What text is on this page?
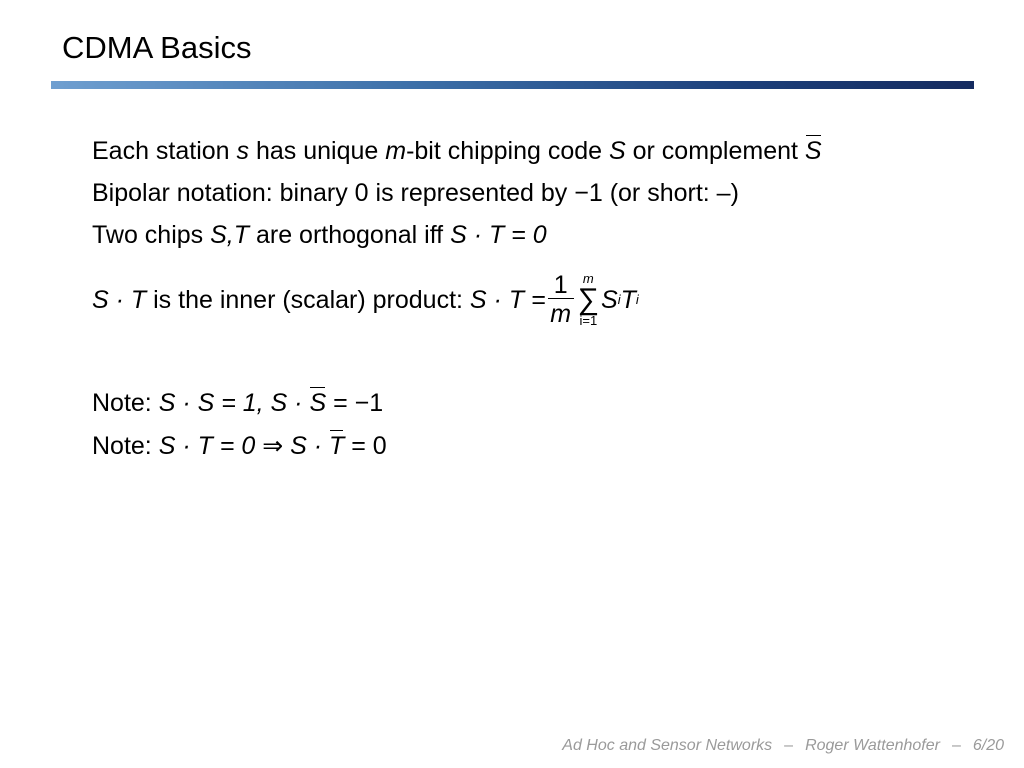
CDMA Basics
Each station s has unique m-bit chipping code S or complement S
Bipolar notation: binary 0 is represented by −1 (or short: –)
Two chips S,T are orthogonal iff S · T = 0
S · T is the inner (scalar) product: $S \cdot T = \frac{1}{m}$ m
∑
i=1
S i T i
Note: S · S = 1, S · S = −1
Note: S · T = 0 ⇒ S · T = 0
Ad Hoc and Sensor Networks – Roger Wattenhofer – 6/20
